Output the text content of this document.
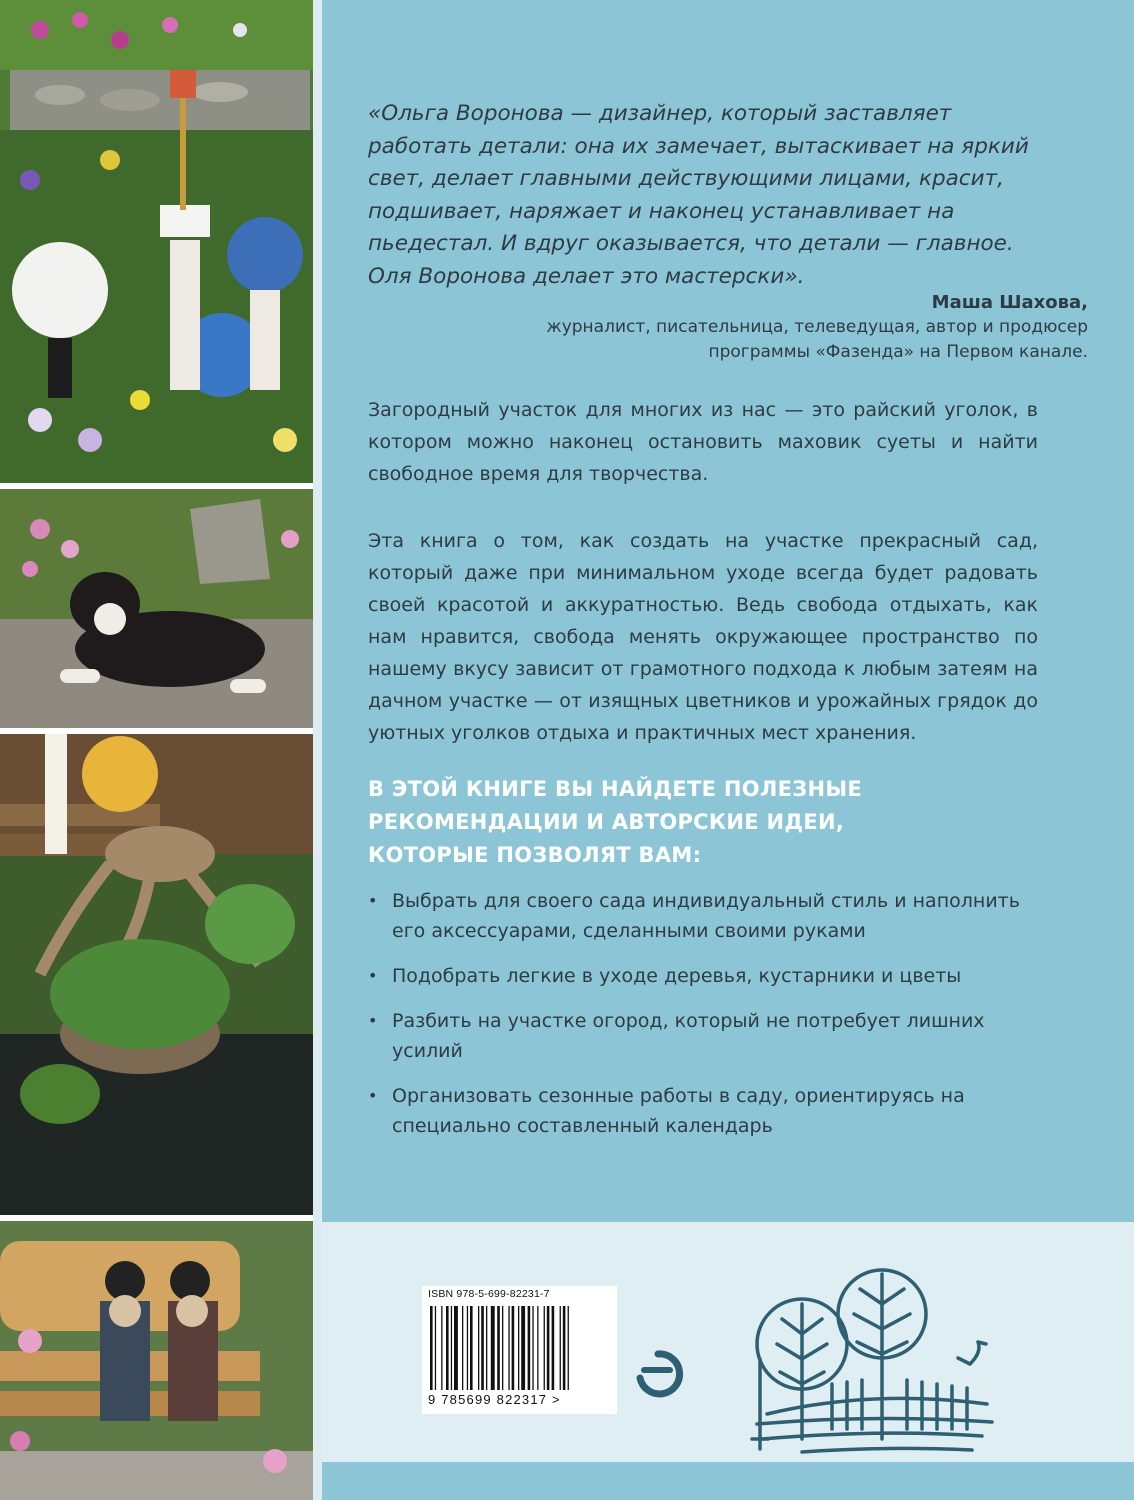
«Ольга Воронова — дизайнер, который заставляет работать детали: она их замечает, вытаскивает на яркий свет, делает главными действующими лицами, красит, подшивает, наряжает и наконец устанавливает на пьедестал. И вдруг оказывается, что детали — главное. Оля Воронова делает это мастерски».

Маша Шахова,
журналист, писательница, телеведущая, автор и продюсер
программы «Фазенда» на Первом канале.

Загородный участок для многих из нас — это райский уголок, в котором можно наконец остановить маховик суеты и найти свободное время для творчества.

Эта книга о том, как создать на участке прекрасный сад, который даже при минимальном уходе всегда будет радовать своей красотой и аккуратностью. Ведь свобода отдыхать, как нам нравится, свобода менять окружающее пространство по нашему вкусу зависит от грамотного подхода к любым затеям на дачном участке — от изящных цветников и урожайных грядок до уютных уголков отдыха и практичных мест хранения.

В ЭТОЙ КНИГЕ ВЫ НАЙДЕТЕ ПОЛЕЗНЫЕ
РЕКОМЕНДАЦИИ И АВТОРСКИЕ ИДЕИ,
КОТОРЫЕ ПОЗВОЛЯТ ВАМ:
• Выбрать для своего сада индивидуальный стиль и наполнить его аксессуарами, сделанными своими руками
• Подобрать легкие в уходе деревья, кустарники и цветы
• Разбить на участке огород, который не потребует лишних усилий
• Организовать сезонные работы в саду, ориентируясь на специально составленный календарь
ISBN 978-5-699-82231-7
9 785699 822317 >
